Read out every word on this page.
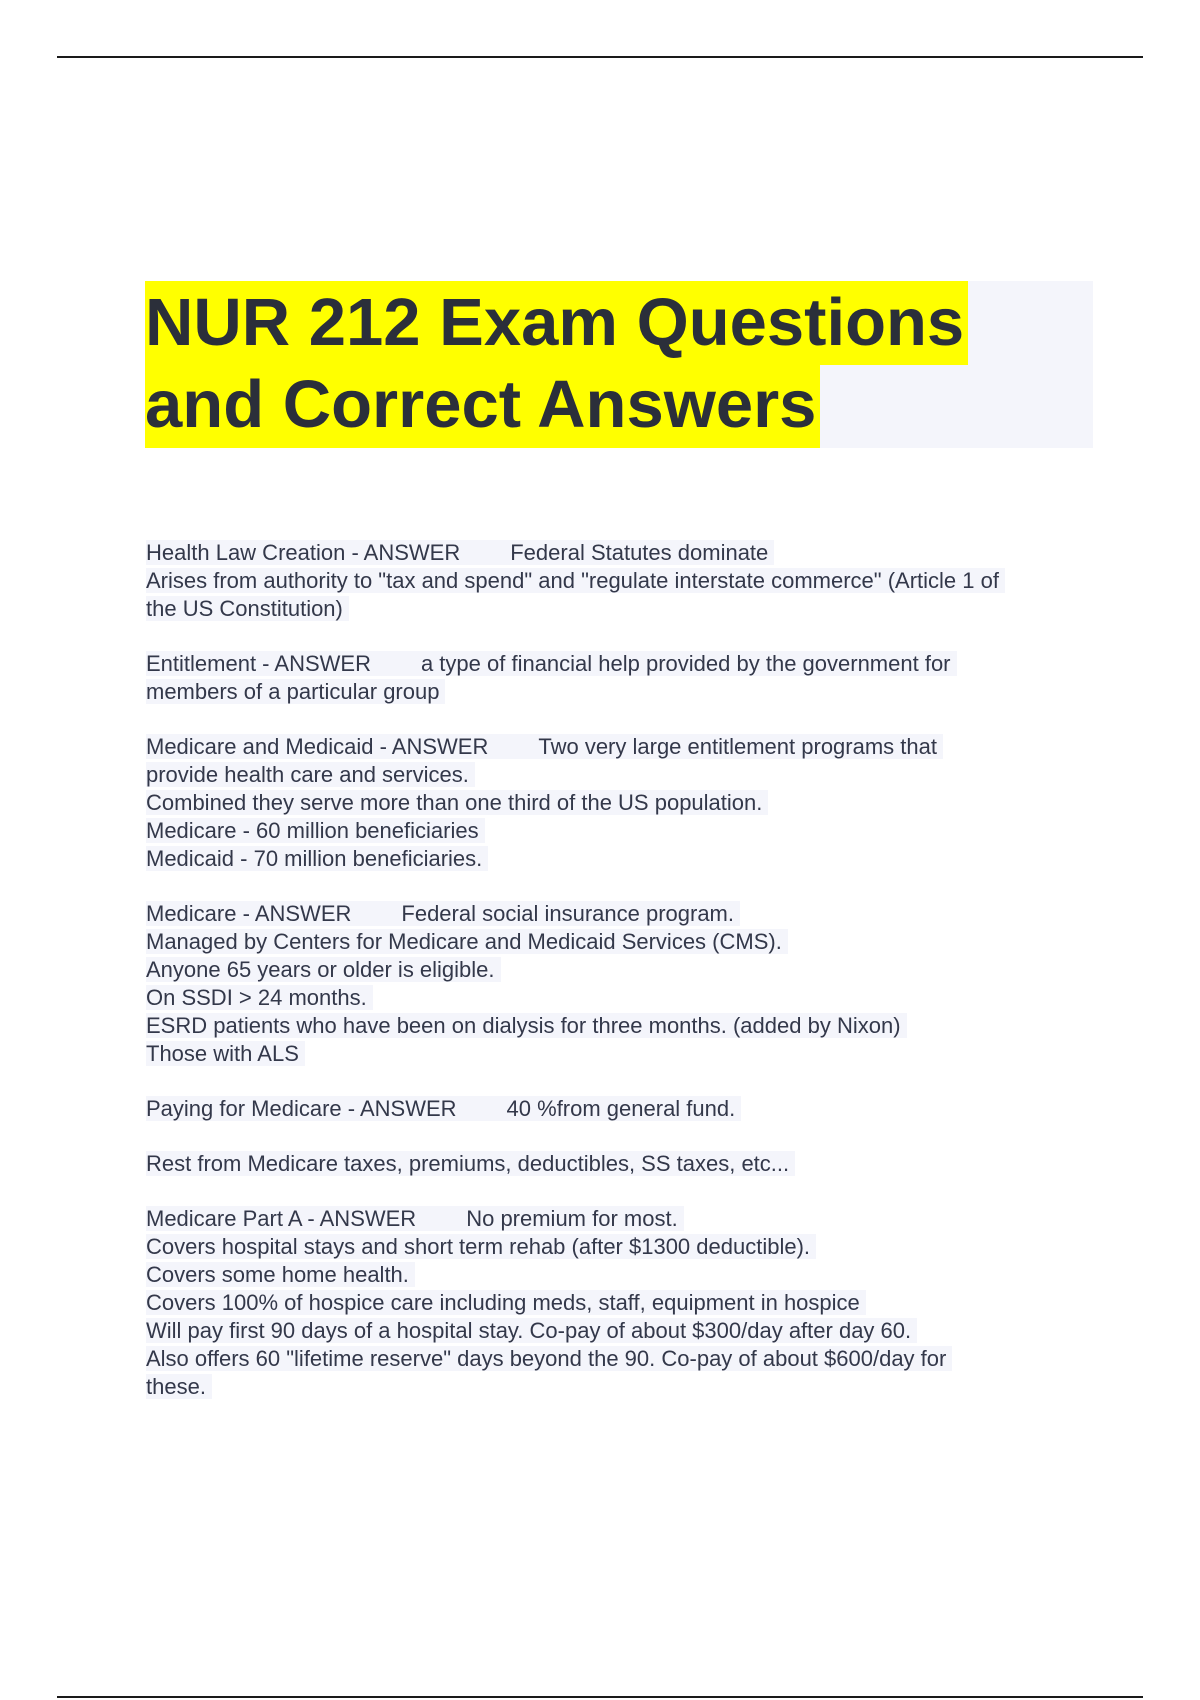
NUR 212 Exam Questions
and Correct Answers
Health Law Creation - ANSWER Federal Statutes dominate
Arises from authority to "tax and spend" and "regulate interstate commerce" (Article 1 of
the US Constitution)
Entitlement - ANSWER a type of financial help provided by the government for
members of a particular group
Medicare and Medicaid - ANSWER Two very large entitlement programs that
provide health care and services.
Combined they serve more than one third of the US population.
Medicare - 60 million beneficiaries
Medicaid - 70 million beneficiaries.
Medicare - ANSWER Federal social insurance program.
Managed by Centers for Medicare and Medicaid Services (CMS).
Anyone 65 years or older is eligible.
On SSDI > 24 months.
ESRD patients who have been on dialysis for three months. (added by Nixon)
Those with ALS
Paying for Medicare - ANSWER 40 %from general fund.
Rest from Medicare taxes, premiums, deductibles, SS taxes, etc...
Medicare Part A - ANSWER No premium for most.
Covers hospital stays and short term rehab (after $1300 deductible).
Covers some home health.
Covers 100% of hospice care including meds, staff, equipment in hospice
Will pay first 90 days of a hospital stay. Co-pay of about $300/day after day 60.
Also offers 60 "lifetime reserve" days beyond the 90. Co-pay of about $600/day for
these.
